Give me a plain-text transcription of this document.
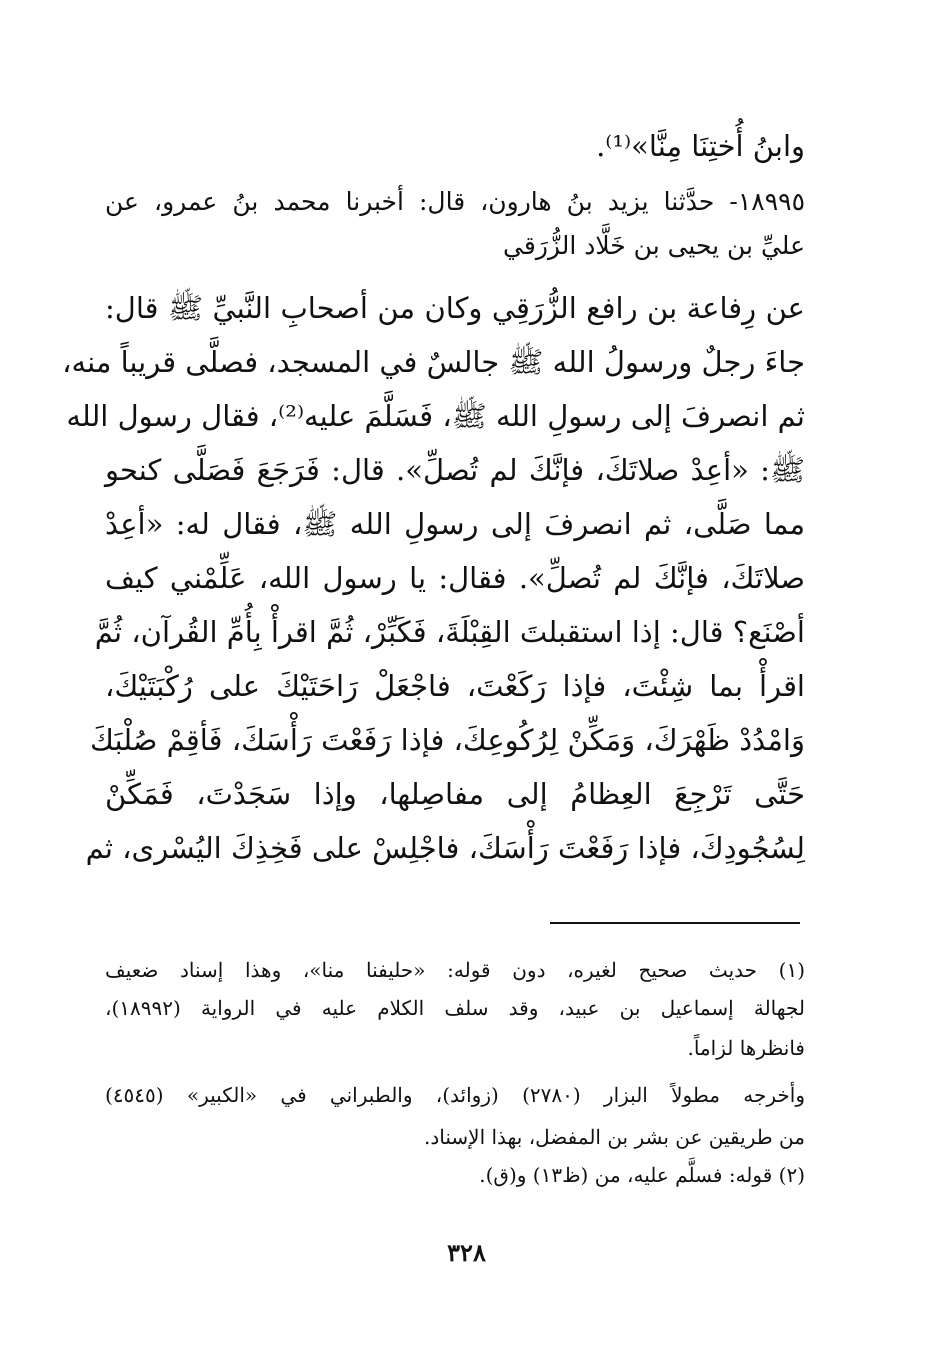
وابنُ أُختِنَا مِنَّا»⁽¹⁾.
١٨٩٩٥- حدَّثنا يزيد بنُ هارون، قال: أخبرنا محمد بنُ عمرو، عن
عليِّ بن يحيى بن خَلَّاد الزُّرَقي
عن رِفاعة بن رافع الزُّرَقِي وكان من أصحابِ النَّبيِّ ﷺ قال:
جاءَ رجلٌ ورسولُ الله ﷺ جالسٌ في المسجد، فصلَّى قريباً منه،
ثم انصرفَ إلى رسولِ الله ﷺ، فَسَلَّمَ عليه⁽²⁾، فقال رسول الله
ﷺ: «أعِدْ صلاتَكَ، فإنَّكَ لم تُصلِّ». قال: فَرَجَعَ فَصَلَّى كنحو
مما صَلَّى، ثم انصرفَ إلى رسولِ الله ﷺ، فقال له: «أعِدْ
صلاتَكَ، فإنَّكَ لم تُصلِّ». فقال: يا رسول الله، عَلِّمْني كيف
أصْنَع؟ قال: إذا استقبلتَ القِبْلَةَ، فَكَبِّرْ، ثُمَّ اقرأْ بِأُمِّ القُرآن، ثُمَّ
اقرأْ بما شِئْتَ، فإذا رَكَعْتَ، فاجْعَلْ رَاحَتَيْكَ على رُكْبَتَيْكَ،
وَامْدُدْ ظَهْرَكَ، وَمَكِّنْ لِرُكُوعِكَ، فإذا رَفَعْتَ رَأْسَكَ، فَأقِمْ صُلْبَكَ
حَتَّى تَرْجِعَ العِظامُ إلى مفاصِلها، وإذا سَجَدْتَ، فَمَكِّنْ
لِسُجُودِكَ، فإذا رَفَعْتَ رَأْسَكَ، فاجْلِسْ على فَخِذِكَ اليُسْرى، ثم
(١) حديث صحيح لغيره، دون قوله: «حليفنا منا»، وهذا إسناد ضعيف
لجهالة إسماعيل بن عبيد، وقد سلف الكلام عليه في الرواية (١٨٩٩٢)،
فانظرها لزاماً.
وأخرجه مطولاً البزار (٢٧٨٠) (زوائد)، والطبراني في «الكبير» (٤٥٤٥)
من طريقين عن بشر بن المفضل، بهذا الإسناد.
(٢) قوله: فسلَّم عليه، من (ظ١٣) و(ق).
٣٢٨
